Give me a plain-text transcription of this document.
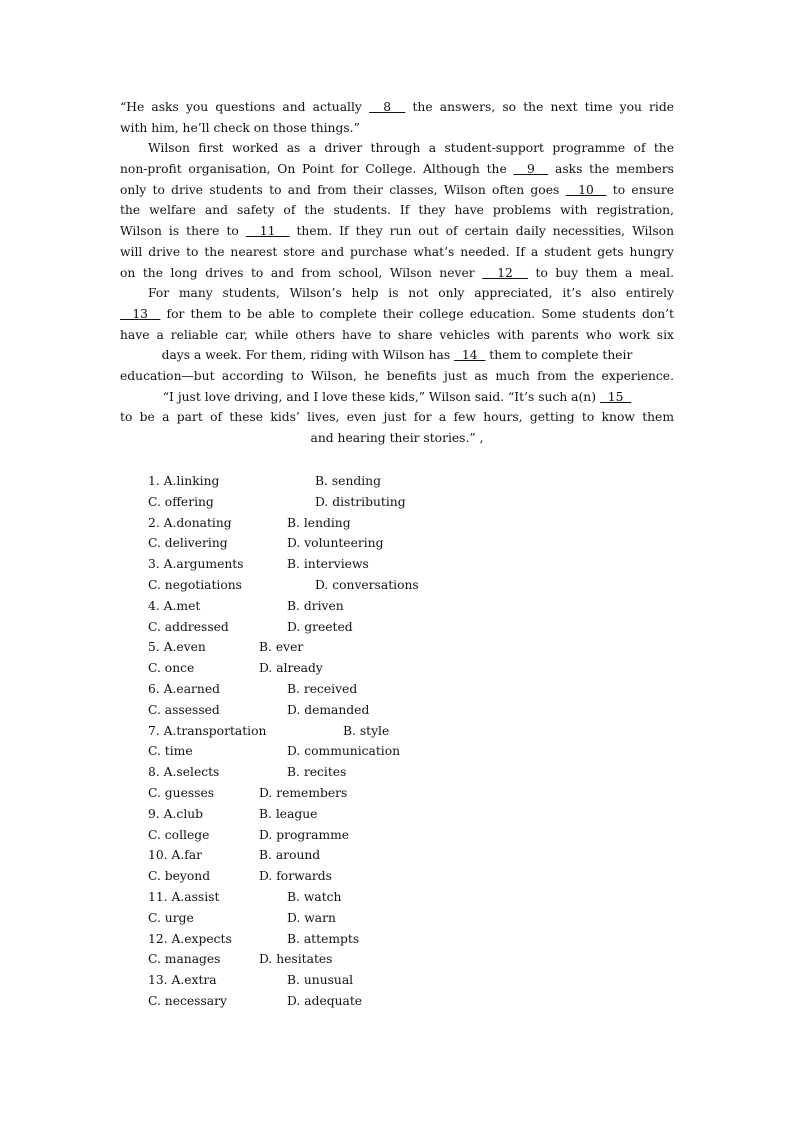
“He asks you questions and actually   8   the answers, so the next time you ride
with him, he’ll check on those things.”
Wilson first worked as a driver through a student-support programme of the
non-profit organisation, On Point for College. Although the   9   asks the members
only to drive students to and from their classes, Wilson often goes   10   to ensure
the welfare and safety of the students. If they have problems with registration,
Wilson is there to   11   them. If they run out of certain daily necessities, Wilson
will drive to the nearest store and purchase what’s needed. If a student gets hungry
on the long drives to and from school, Wilson never   12   to buy them a meal.
For many students, Wilson’s help is not only appreciated, it’s also entirely
13   for them to be able to complete their college education. Some students don’t
have a reliable car, while others have to share vehicles with parents who work six
days a week. For them, riding with Wilson has   14   them to complete their
education—but according to Wilson, he benefits just as much from the experience.
“I just love driving, and I love these kids,” Wilson said. “It’s such a(n)   15
to be a part of these kids’ lives, even just for a few hours, getting to know them
and hearing their stories.” ,
1. A.linking	B. sending
C. offering	D. distributing
2. A.donating	B. lending
C. delivering	D. volunteering
3. A.arguments	B. interviews
C. negotiations	D. conversations
4. A.met	B. driven
C. addressed	D. greeted
5. A.even	B. ever
C. once	D. already
6. A.earned	B. received
C. assessed	D. demanded
7. A.transportation	B. style
C. time	D. communication
8. A.selects	B. recites
C. guesses	D. remembers
9. A.club	B. league
C. college	D. programme
10. A.far	B. around
C. beyond	D. forwards
11. A.assist	B. watch
C. urge	D. warn
12. A.expects	B. attempts
C. manages	D. hesitates
13. A.extra	B. unusual
C. necessary	D. adequate
